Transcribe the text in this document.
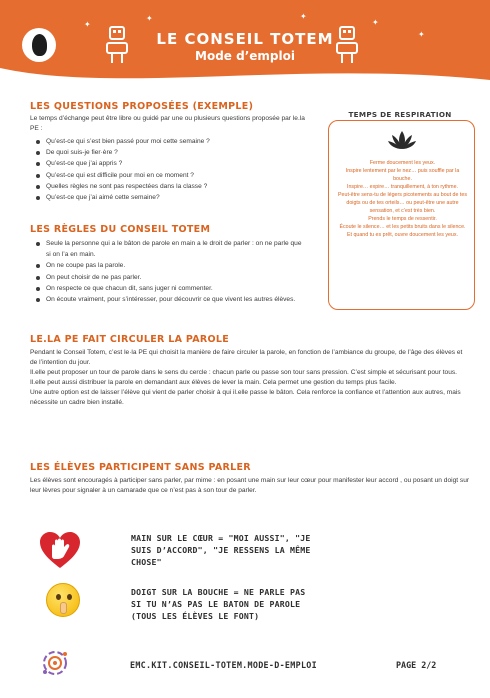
✦
✦	✦
✦
✦
LE CONSEIL TOTEM
Mode d’emploi
LES QUESTIONS PROPOSÉES (EXEMPLE)
Le temps d’échange peut être libre ou guidé par une ou plusieurs questions proposée par le.la PE :
Qu’est-ce qui s’est bien passé pour moi cette semaine ?
De quoi suis-je fier·ère ?
Qu’est-ce que j’ai appris ?
Qu’est-ce qui est difficile pour moi en ce moment ?
Quelles règles ne sont pas respectées dans la classe ?
Qu’est-ce que j’ai aimé cette semaine?
TEMPS DE RESPIRATION
Ferme doucement les yeux.
Inspire lentement par le nez… puis souffle par la bouche.
Inspire… expire… tranquillement, à ton rythme.
Peut-être sens-tu de légers picotements au bout de tes doigts ou de tes orteils… ou peut-être une autre sensation, et c’est très bien.
Prends le temps de ressentir.
Écoute le silence… et les petits bruits dans le silence.
Et quand tu es prêt, ouvre doucement les yeux.
LES RÈGLES DU CONSEIL TOTEM
Seule la personne qui a le bâton de parole en main a le droit de parler : on ne parle que si on l’a en main.
On ne coupe pas la parole.
On peut choisir de ne pas parler.
On respecte ce que chacun dit, sans juger ni commenter.
On écoute vraiment, pour s’intéresser, pour découvrir ce que vivent les autres élèves.
LE.LA PE FAIT CIRCULER LA PAROLE
Pendant le Conseil Totem, c’est le·la PE qui choisit la manière de faire circuler la parole, en fonction de l’ambiance du groupe, de l’âge des élèves et de l’intention du jour.
Il.elle peut proposer un tour de parole dans le sens du cercle : chacun parle ou passe son tour sans pression. C’est simple et sécurisant pour tous.
Il.elle peut aussi distribuer la parole en demandant aux élèves de lever la main. Cela permet une gestion du temps plus facile.
Une autre option est de laisser l’élève qui vient de parler choisir à qui il.elle passe le bâton. Cela renforce la confiance et l’attention aux autres, mais nécessite un cadre bien installé.
LES ÉLÈVES PARTICIPENT SANS PARLER
Les élèves sont encouragés à participer sans parler, par mime : en posant une main sur leur cœur pour manifester leur accord , ou posant un doigt sur leur lèvres pour signaler à un camarade que ce n’est pas à son tour de parler.
MAIN SUR LE CŒUR = "MOI AUSSI", "JE SUIS D’ACCORD", "JE RESSENS LA MÊME CHOSE"
DOIGT SUR LA BOUCHE = NE PARLE PAS SI TU N’AS PAS LE BATON DE PAROLE (TOUS LES ÉLÈVES LE FONT)
EMC.KIT.CONSEIL-TOTEM.MODE-D-EMPLOI	PAGE 2/2
